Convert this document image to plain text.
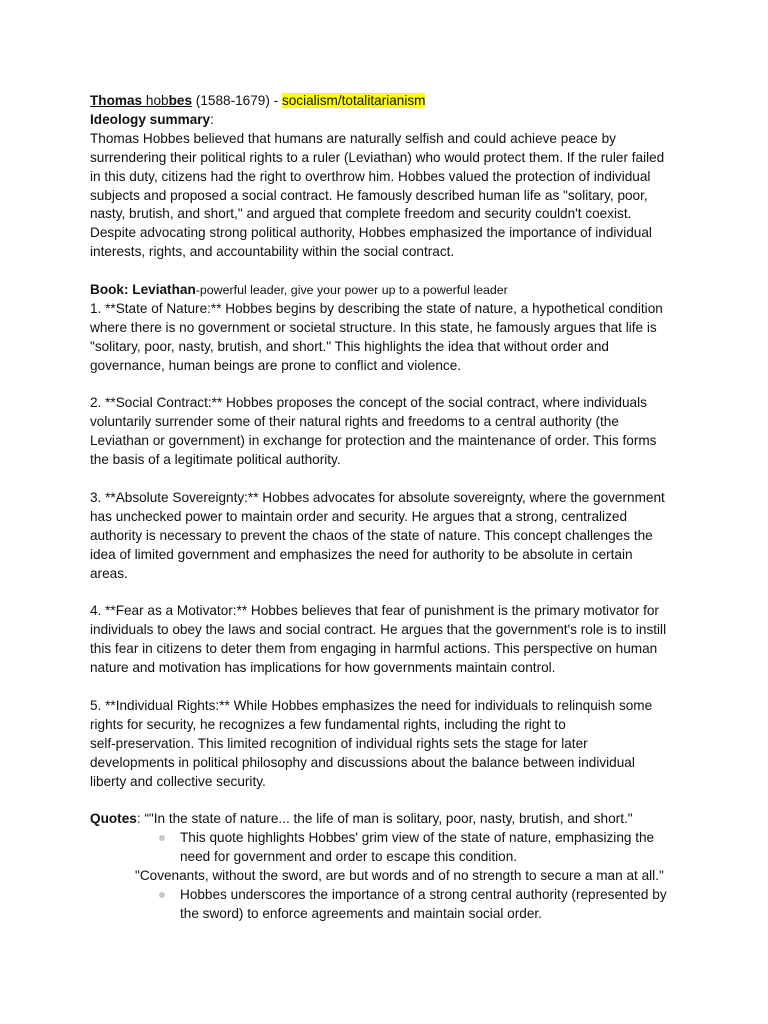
Thomas hobbes (1588-1679) - socialism/totalitarianism
Ideology summary:
Thomas Hobbes believed that humans are naturally selfish and could achieve peace by
surrendering their political rights to a ruler (Leviathan) who would protect them. If the ruler failed
in this duty, citizens had the right to overthrow him. Hobbes valued the protection of individual
subjects and proposed a social contract. He famously described human life as "solitary, poor,
nasty, brutish, and short," and argued that complete freedom and security couldn't coexist.
Despite advocating strong political authority, Hobbes emphasized the importance of individual
interests, rights, and accountability within the social contract.
Book: Leviathan-powerful leader, give your power up to a powerful leader
1. **State of Nature:** Hobbes begins by describing the state of nature, a hypothetical condition
where there is no government or societal structure. In this state, he famously argues that life is
"solitary, poor, nasty, brutish, and short." This highlights the idea that without order and
governance, human beings are prone to conflict and violence.
2. **Social Contract:** Hobbes proposes the concept of the social contract, where individuals
voluntarily surrender some of their natural rights and freedoms to a central authority (the
Leviathan or government) in exchange for protection and the maintenance of order. This forms
the basis of a legitimate political authority.
3. **Absolute Sovereignty:** Hobbes advocates for absolute sovereignty, where the government
has unchecked power to maintain order and security. He argues that a strong, centralized
authority is necessary to prevent the chaos of the state of nature. This concept challenges the
idea of limited government and emphasizes the need for authority to be absolute in certain
areas.
4. **Fear as a Motivator:** Hobbes believes that fear of punishment is the primary motivator for
individuals to obey the laws and social contract. He argues that the government's role is to instill
this fear in citizens to deter them from engaging in harmful actions. This perspective on human
nature and motivation has implications for how governments maintain control.
5. **Individual Rights:** While Hobbes emphasizes the need for individuals to relinquish some
rights for security, he recognizes a few fundamental rights, including the right to
self-preservation. This limited recognition of individual rights sets the stage for later
developments in political philosophy and discussions about the balance between individual
liberty and collective security.
Quotes: “"In the state of nature... the life of man is solitary, poor, nasty, brutish, and short."
This quote highlights Hobbes' grim view of the state of nature, emphasizing the
need for government and order to escape this condition.
"Covenants, without the sword, are but words and of no strength to secure a man at all."
Hobbes underscores the importance of a strong central authority (represented by
the sword) to enforce agreements and maintain social order.
